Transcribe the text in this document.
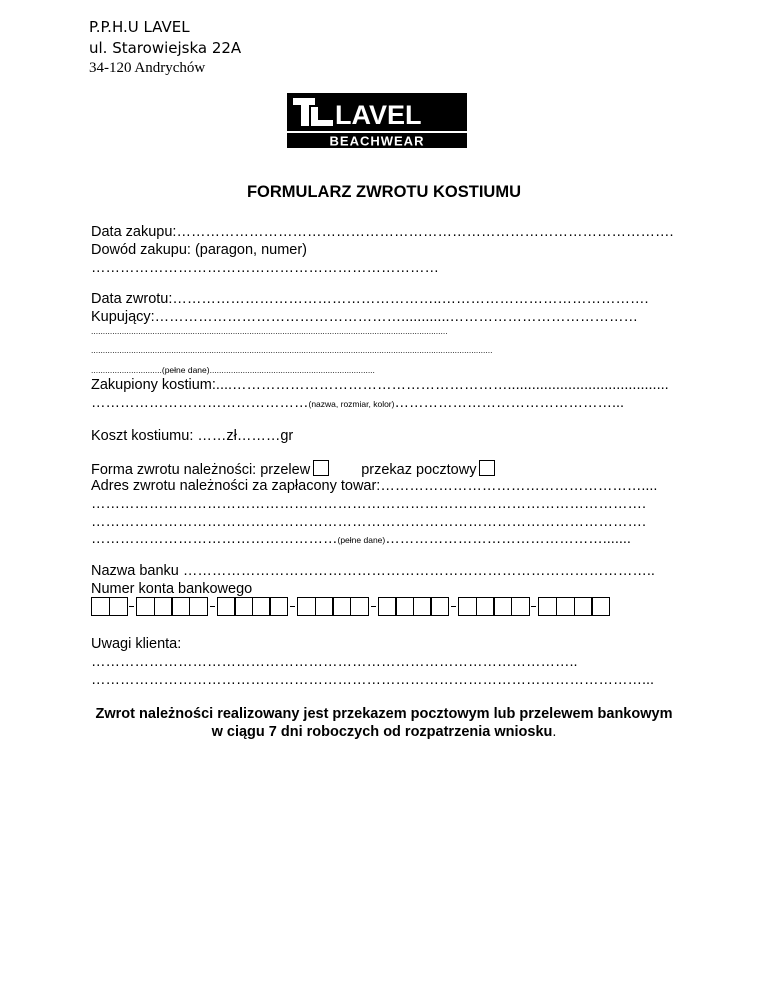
P.P.H.U LAVEL
ul. Starowiejska 22A
34-120 Andrychów
LAVEL
BEACHWEAR
FORMULARZ ZWROTU KOSTIUMU
Data zakupu:………………………………………………………………………………………….
Dowód zakupu: (paragon, numer)
………………………………………………………………
Data zwrotu:………………………………………………..…………………………………….
Kupujący:……………………………………………............…………………………………
.......................................................................................................................................................
..........................................................................................................................................................................
..............................(pełne dane)......................................................................
Zakupiony kostium:....…………………………………………………........................................
………………………………………(nazwa, rozmiar, kolor)………………………………………...
Koszt kostiumu: ……zł………gr
Forma zwrotu należności: przelew	przekaz pocztowy
Adres zwrotu należności za zapłacony towar:………………………………………………....
…………………………………………………………………………………………………….
…………………………………………………………………………………………………….
……………………………………………(pełne dane)……………………………………….......
Nazwa banku ……………………………………………………………………………………..
Numer konta bankowego
Uwagi klienta:
………………………………………………………………………………………..
……………………………………………………………………………………………………...
Zwrot należności realizowany jest przekazem pocztowym lub przelewem bankowym
w ciągu 7 dni roboczych od rozpatrzenia wniosku.
